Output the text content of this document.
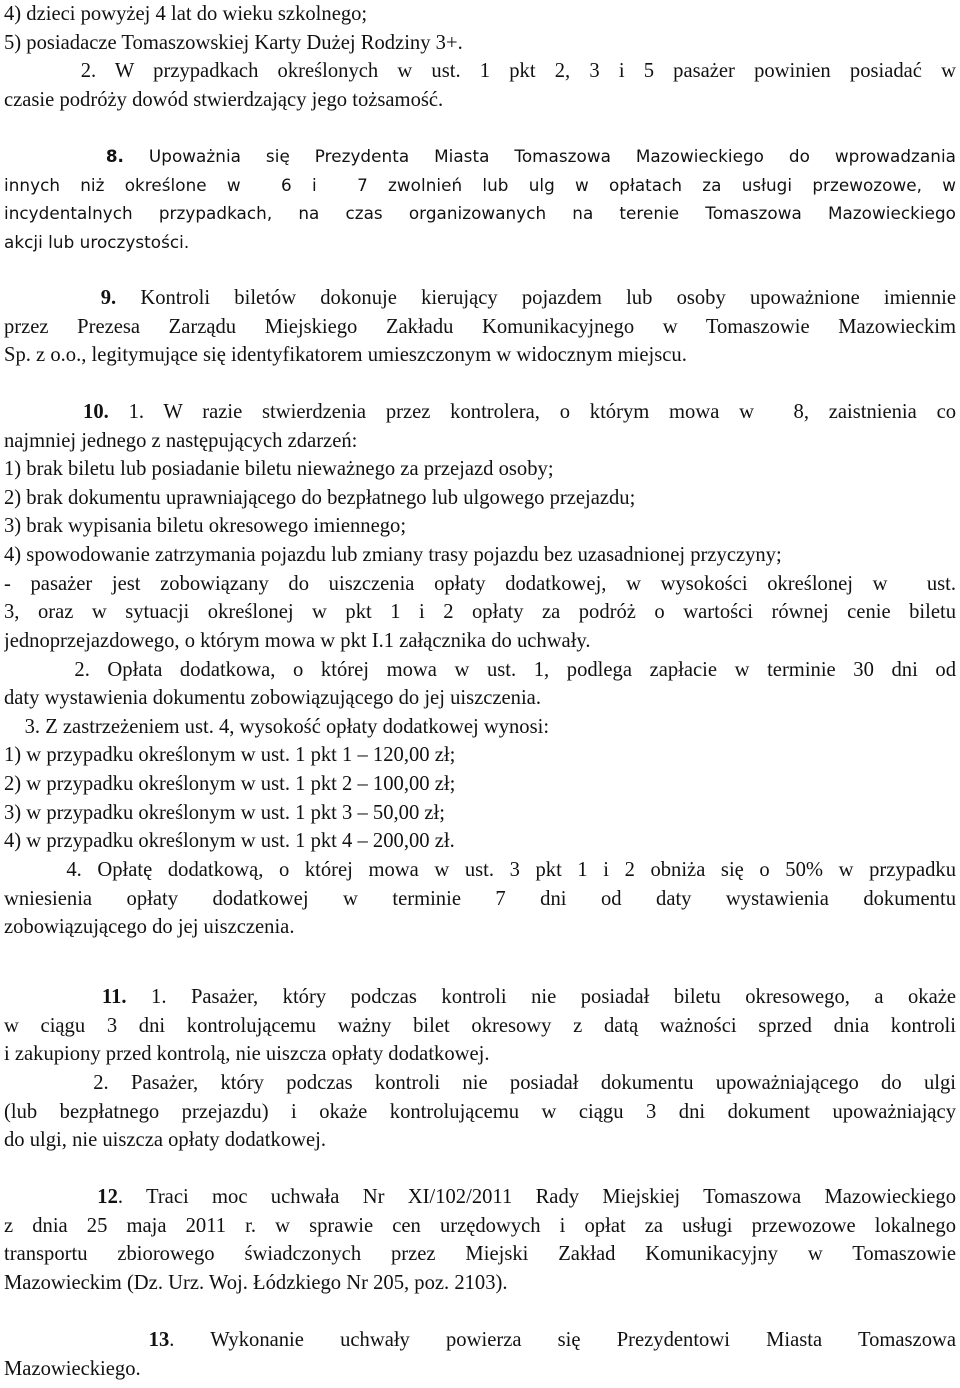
4) dzieci powyżej 4 lat do wieku szkolnego;
5) posiadacze Tomaszowskiej Karty Dużej Rodziny 3+.
2. W przypadkach określonych w ust. 1 pkt 2, 3 i 5 pasażer powinien posiadać w
czasie podróży dowód stwierdzający jego tożsamość.
8. Upoważnia się Prezydenta Miasta Tomaszowa Mazowieckiego do wprowadzania
innych niż określone w  6 i  7 zwolnień lub ulg w opłatach za usługi przewozowe, w
incydentalnych przypadkach, na czas organizowanych na terenie Tomaszowa Mazowieckiego
akcji lub uroczystości.
9. Kontroli biletów dokonuje kierujący pojazdem lub osoby upoważnione imiennie
przez Prezesa Zarządu Miejskiego Zakładu Komunikacyjnego w Tomaszowie Mazowieckim
Sp. z o.o., legitymujące się identyfikatorem umieszczonym w widocznym miejscu.
10. 1. W razie stwierdzenia przez kontrolera, o którym mowa w  8, zaistnienia co
najmniej jednego z następujących zdarzeń:
1) brak biletu lub posiadanie biletu nieważnego za przejazd osoby;
2) brak dokumentu uprawniającego do bezpłatnego lub ulgowego przejazdu;
3) brak wypisania biletu okresowego imiennego;
4) spowodowanie zatrzymania pojazdu lub zmiany trasy pojazdu bez uzasadnionej przyczyny;
- pasażer jest zobowiązany do uiszczenia opłaty dodatkowej, w wysokości określonej w  ust.
3, oraz w sytuacji określonej w pkt 1 i 2 opłaty za podróż o wartości równej cenie biletu
jednoprzejazdowego, o którym mowa w pkt I.1 załącznika do uchwały.
2. Opłata dodatkowa, o której mowa w ust. 1, podlega zapłacie w terminie 30 dni od
daty wystawienia dokumentu zobowiązującego do jej uiszczenia.
3. Z zastrzeżeniem ust. 4, wysokość opłaty dodatkowej wynosi:
1) w przypadku określonym w ust. 1 pkt 1 – 120,00 zł;
2) w przypadku określonym w ust. 1 pkt 2 – 100,00 zł;
3) w przypadku określonym w ust. 1 pkt 3 – 50,00 zł;
4) w przypadku określonym w ust. 1 pkt 4 – 200,00 zł.
4. Opłatę dodatkową, o której mowa w ust. 3 pkt 1 i 2 obniża się o 50% w przypadku
wniesienia opłaty dodatkowej w terminie 7 dni od daty wystawienia dokumentu
zobowiązującego do jej uiszczenia.
11. 1. Pasażer, który podczas kontroli nie posiadał biletu okresowego, a okaże
w ciągu 3 dni kontrolującemu ważny bilet okresowy z datą ważności sprzed dnia kontroli
i zakupiony przed kontrolą, nie uiszcza opłaty dodatkowej.
2. Pasażer, który podczas kontroli nie posiadał dokumentu upoważniającego do ulgi
(lub bezpłatnego przejazdu) i okaże kontrolującemu w ciągu 3 dni dokument upoważniający
do ulgi, nie uiszcza opłaty dodatkowej.
12. Traci moc uchwała Nr XI/102/2011 Rady Miejskiej Tomaszowa Mazowieckiego
z dnia 25 maja 2011 r. w sprawie cen urzędowych i opłat za usługi przewozowe lokalnego
transportu zbiorowego świadczonych przez Miejski Zakład Komunikacyjny w Tomaszowie
Mazowieckim (Dz. Urz. Woj. Łódzkiego Nr 205, poz. 2103).
13. Wykonanie uchwały powierza się Prezydentowi Miasta Tomaszowa
Mazowieckiego.
